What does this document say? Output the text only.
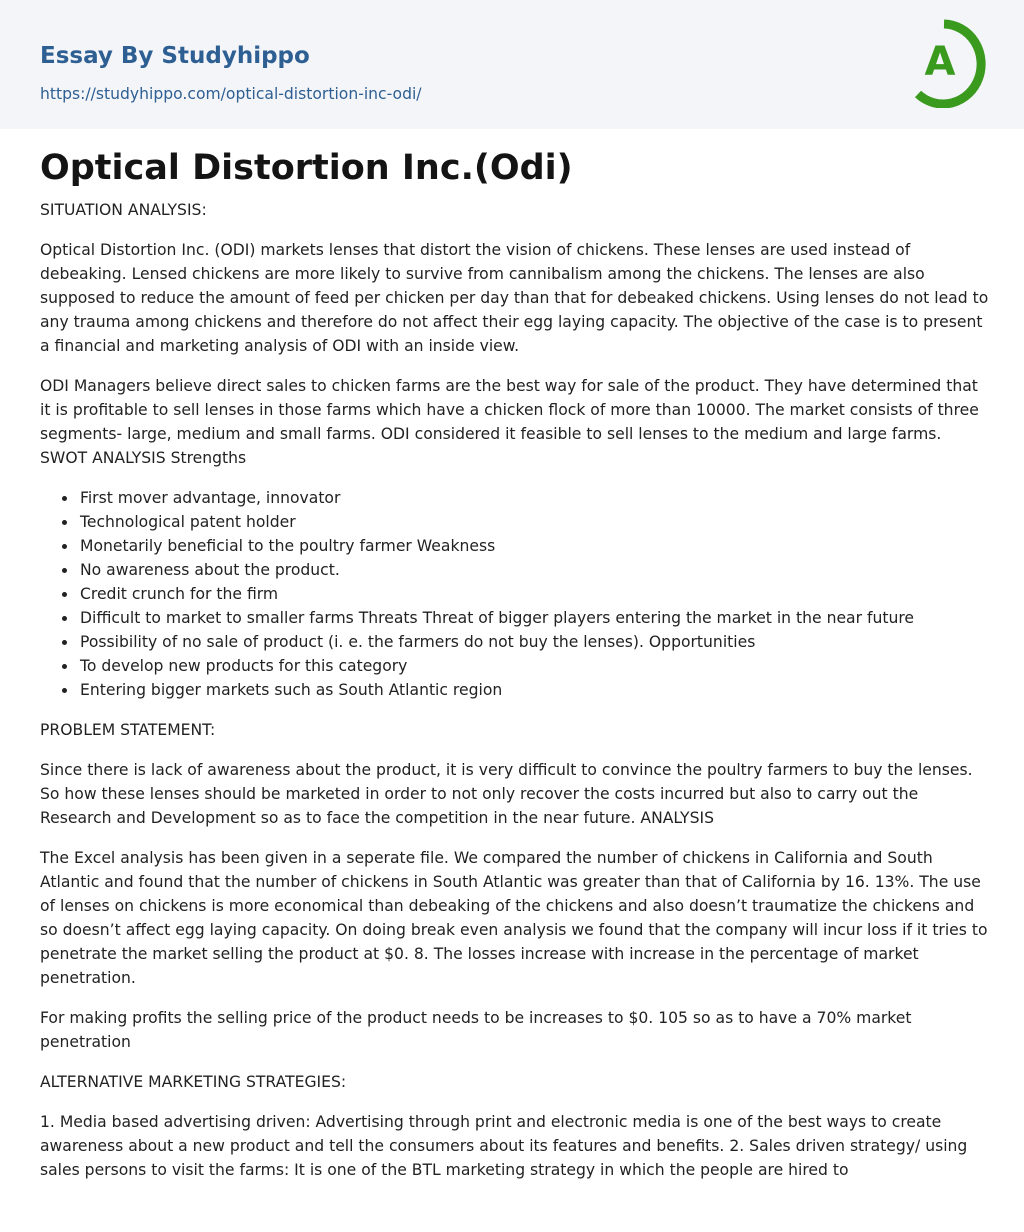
Essay By Studyhippo
https://studyhippo.com/optical-distortion-inc-odi/
A
Optical Distortion Inc.(Odi)

SITUATION ANALYSIS:

Optical Distortion Inc. (ODI) markets lenses that distort the vision of chickens. These lenses are used instead of debeaking. Lensed chickens are more likely to survive from cannibalism among the chickens. The lenses are also supposed to reduce the amount of feed per chicken per day than that for debeaked chickens. Using lenses do not lead to any trauma among chickens and therefore do not affect their egg laying capacity. The objective of the case is to present a financial and marketing analysis of ODI with an inside view.

ODI Managers believe direct sales to chicken farms are the best way for sale of the product. They have determined that it is profitable to sell lenses in those farms which have a chicken flock of more than 10000. The market consists of three segments- large, medium and small farms. ODI considered it feasible to sell lenses to the medium and large farms. SWOT ANALYSIS Strengths

First mover advantage, innovator
Technological patent holder
Monetarily beneficial to the poultry farmer Weakness
No awareness about the product.
Credit crunch for the firm
Difficult to market to smaller farms Threats Threat of bigger players entering the market in the near future
Possibility of no sale of product (i. e. the farmers do not buy the lenses). Opportunities
To develop new products for this category
Entering bigger markets such as South Atlantic region

PROBLEM STATEMENT:

Since there is lack of awareness about the product, it is very difficult to convince the poultry farmers to buy the lenses. So how these lenses should be marketed in order to not only recover the costs incurred but also to carry out the Research and Development so as to face the competition in the near future. ANALYSIS

The Excel analysis has been given in a seperate file. We compared the number of chickens in California and South Atlantic and found that the number of chickens in South Atlantic was greater than that of California by 16. 13%. The use of lenses on chickens is more economical than debeaking of the chickens and also doesn’t traumatize the chickens and so doesn’t affect egg laying capacity. On doing break even analysis we found that the company will incur loss if it tries to penetrate the market selling the product at $0. 8. The losses increase with increase in the percentage of market penetration.

For making profits the selling price of the product needs to be increases to $0. 105 so as to have a 70% market penetration

ALTERNATIVE MARKETING STRATEGIES:

1. Media based advertising driven: Advertising through print and electronic media is one of the best ways to create awareness about a new product and tell the consumers about its features and benefits. 2. Sales driven strategy/ using sales persons to visit the farms: It is one of the BTL marketing strategy in which the people are hired to
